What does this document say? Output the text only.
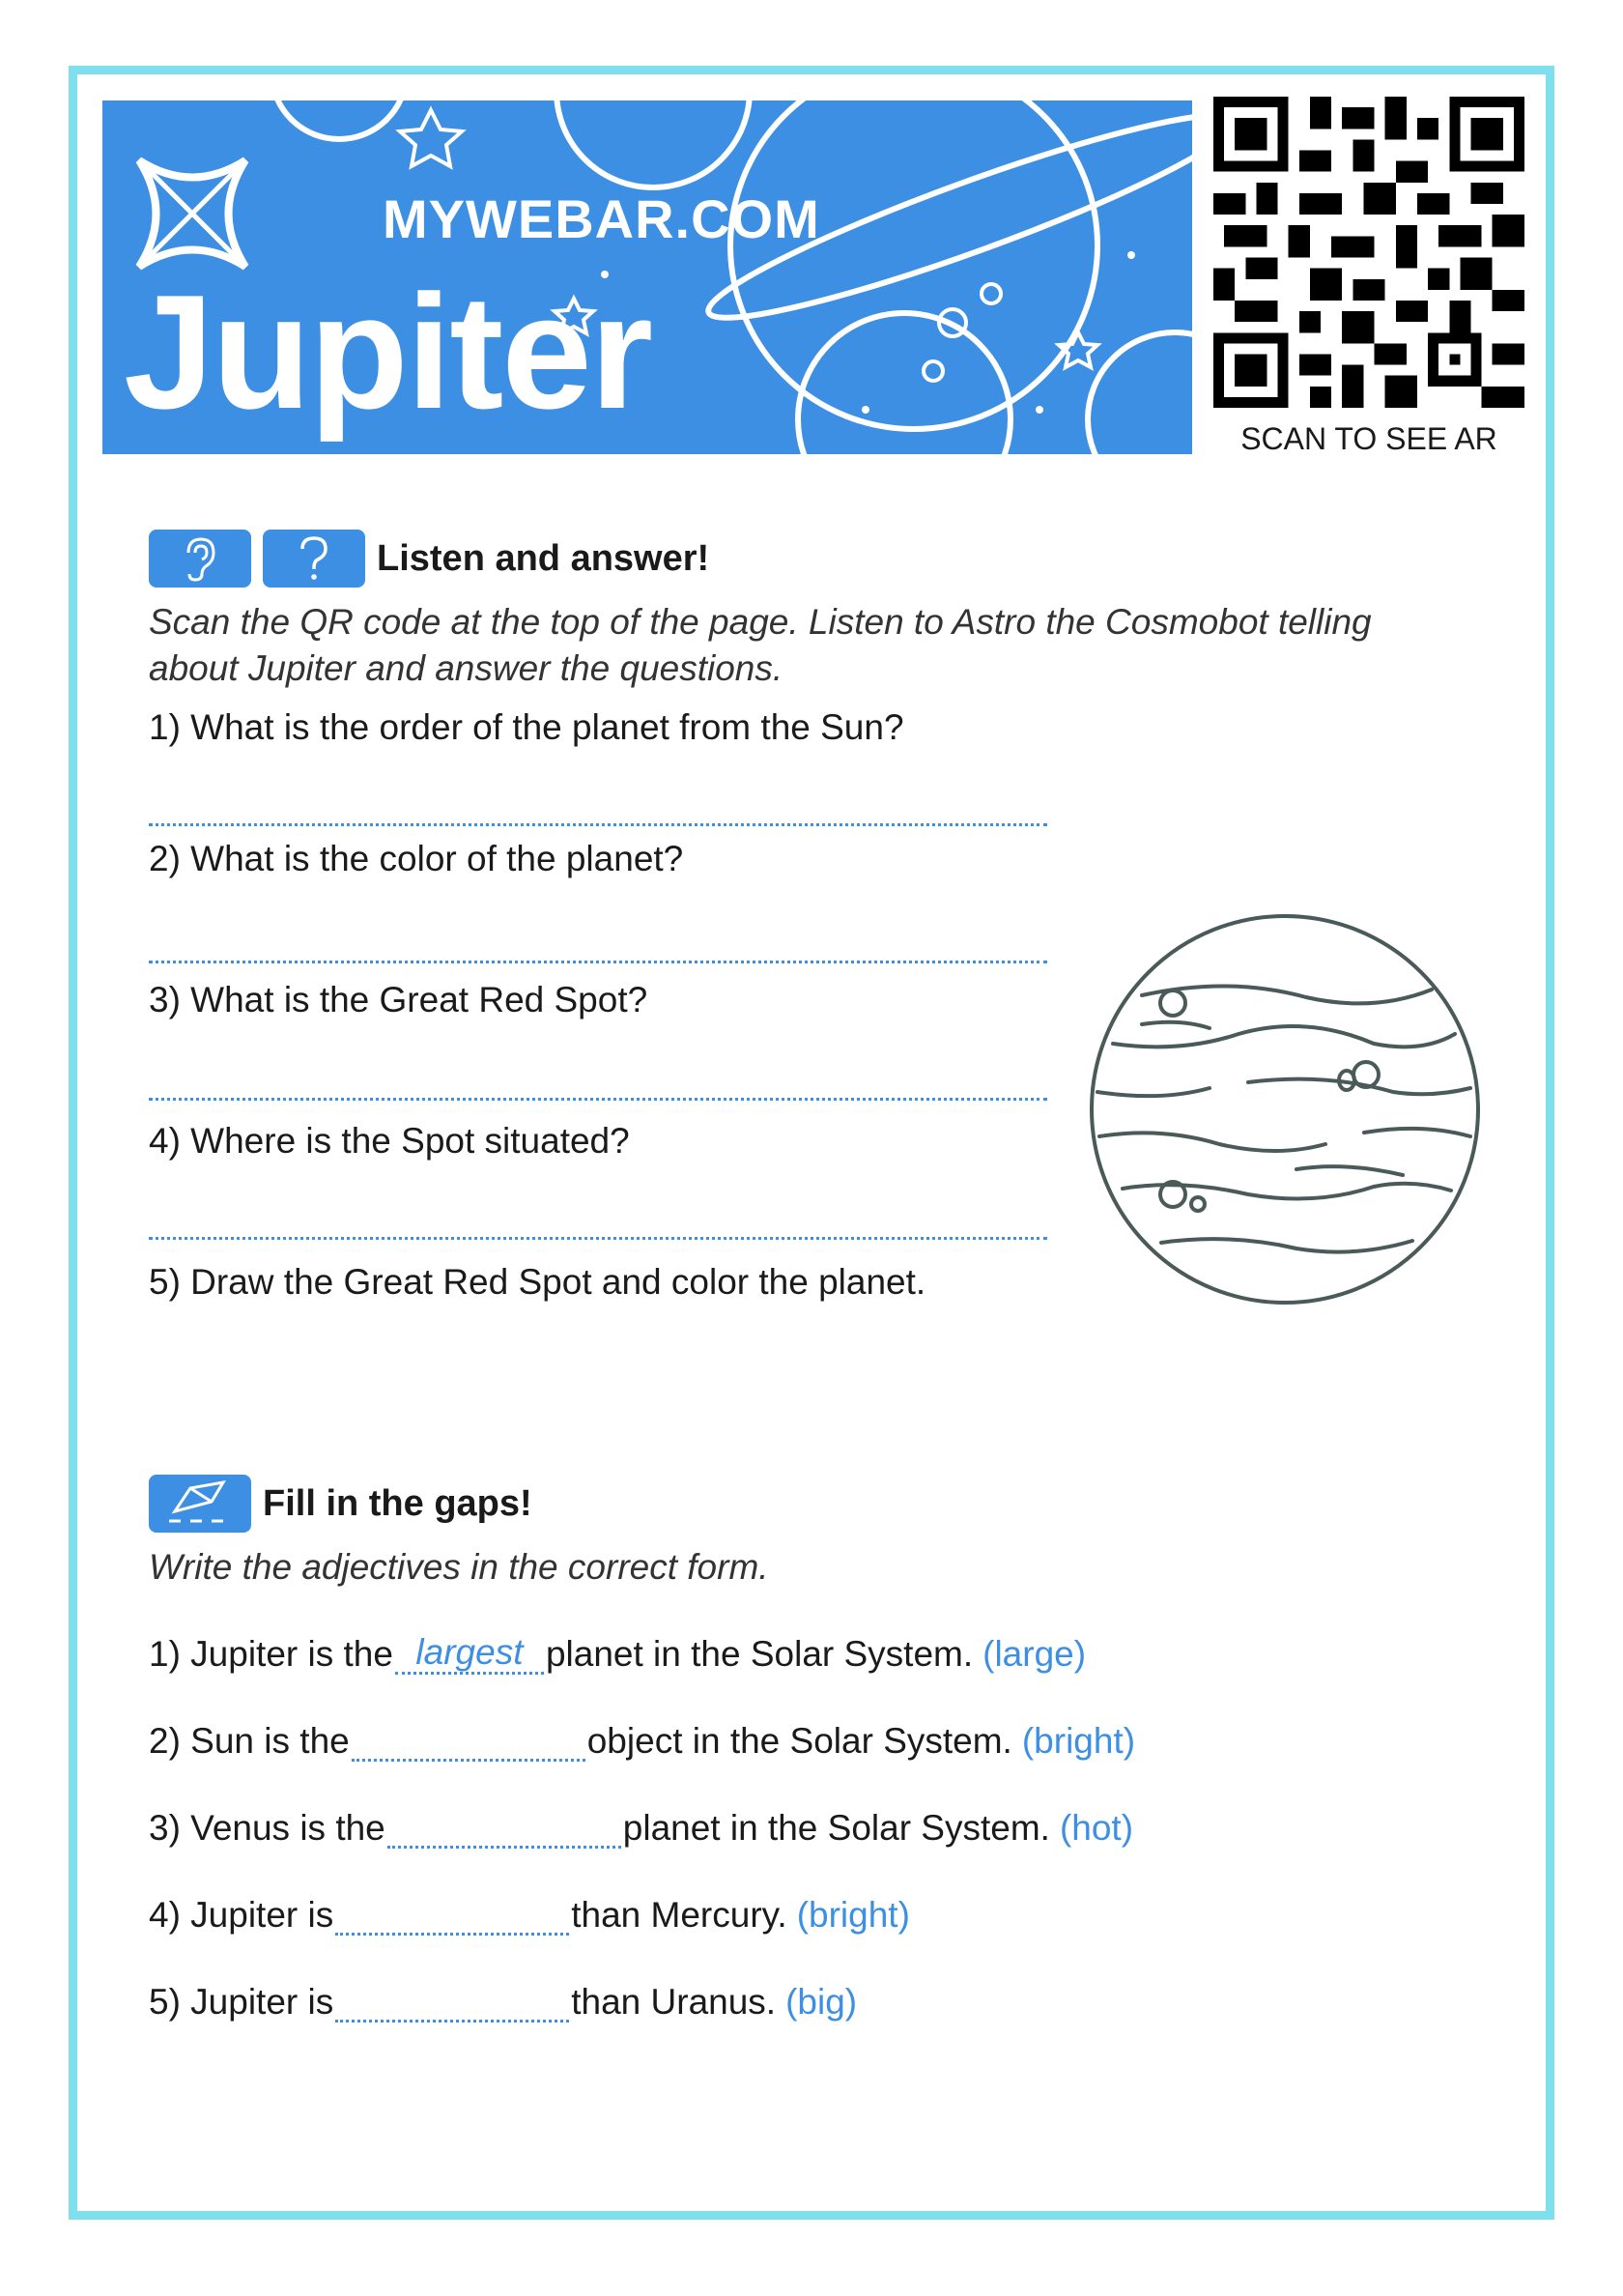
MYWEBAR.COM
Jupiter	SCAN TO SEE AR
Listen and answer!
Scan the QR code at the top of the page. Listen to Astro the Cosmobot telling about Jupiter and answer the questions.
1) What is the order of the planet from the Sun?
2) What is the color of the planet?
3) What is the Great Red Spot?
4) Where is the Spot situated?
5) Draw the Great Red Spot and color the planet.
Fill in the gaps!
Write the adjectives in the correct form.
1) Jupiter is the largest planet in the Solar System. (large)
2) Sun is the	object in the Solar System. (bright)
3) Venus is the	planet in the Solar System. (hot)
4) Jupiter is	than Mercury. (bright)
5) Jupiter is	than Uranus. (big)
